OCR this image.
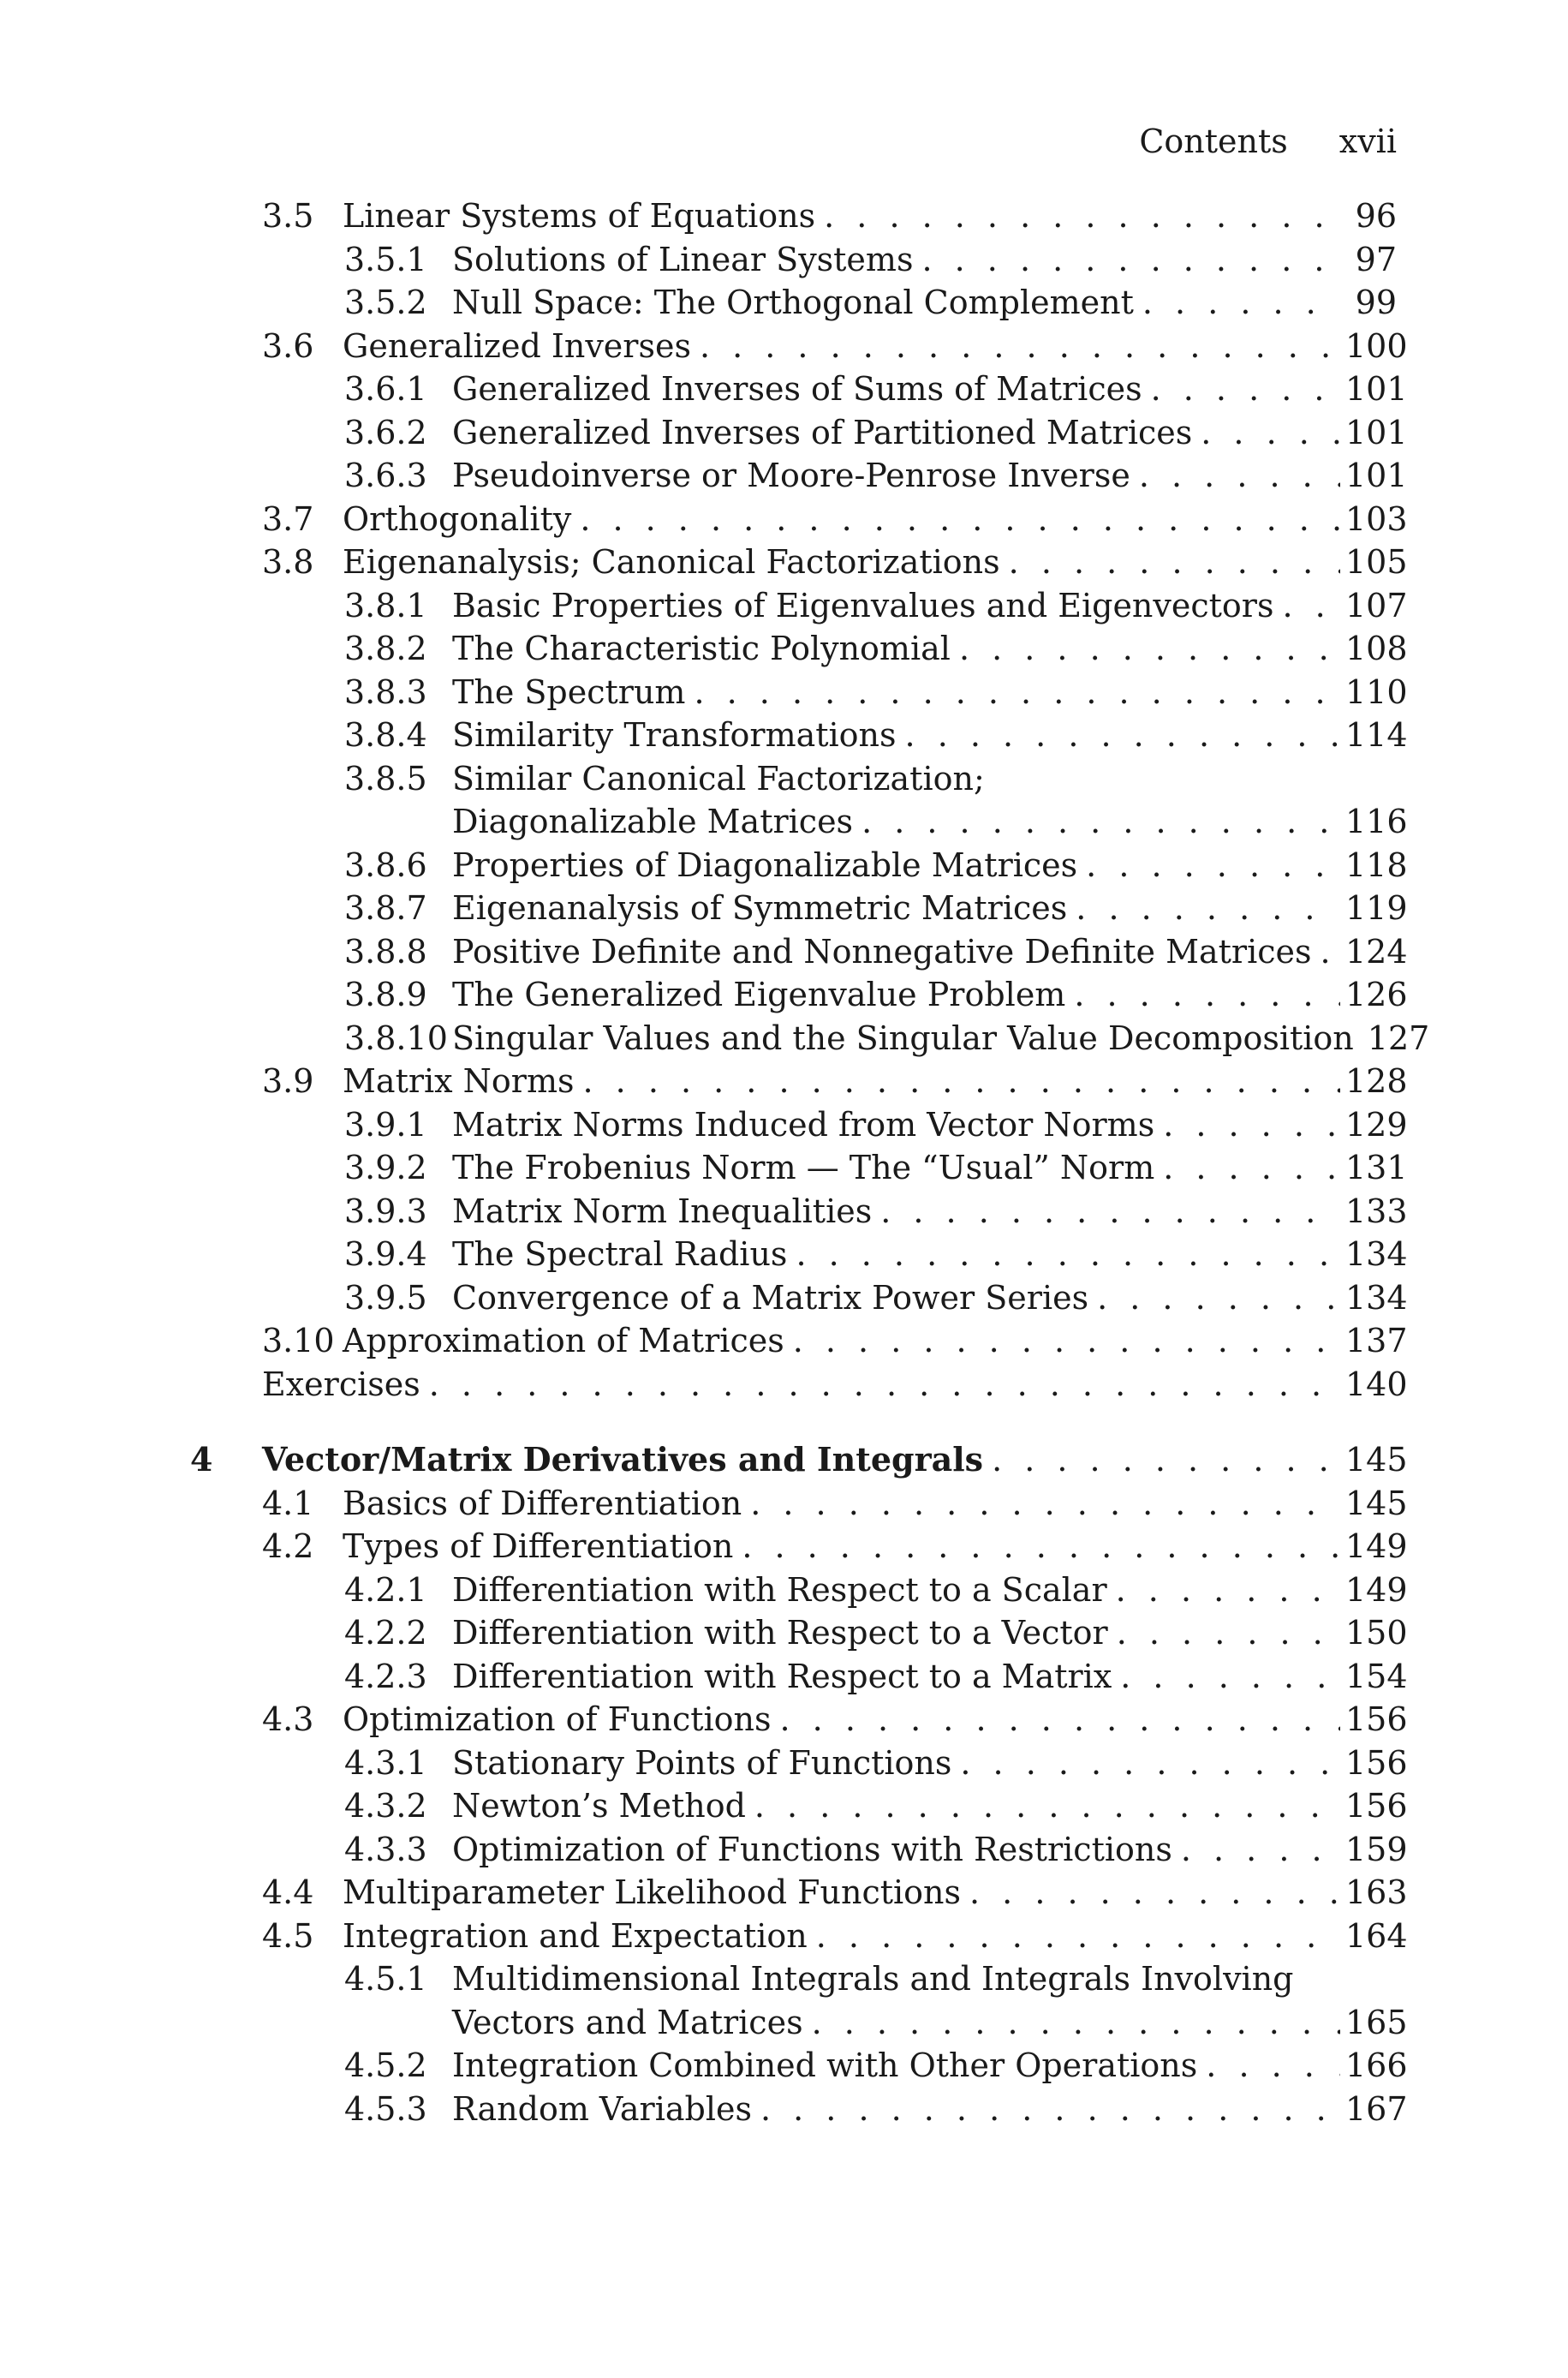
Contents xvii
3.5 Linear Systems of Equations . . .	96
3.5.1 Solutions of Linear Systems . . .	97
3.5.2 Null Space: The Orthogonal Complement . . .	99
3.6 Generalized Inverses . . .	100
3.6.1 Generalized Inverses of Sums of Matrices . . .	101
3.6.2 Generalized Inverses of Partitioned Matrices . . .	101
3.6.3 Pseudoinverse or Moore-Penrose Inverse . . .	101
3.7 Orthogonality . . .	103
3.8 Eigenanalysis; Canonical Factorizations . . .	105
3.8.1 Basic Properties of Eigenvalues and Eigenvectors . . . 107
3.8.2 The Characteristic Polynomial . . .	108
3.8.3 The Spectrum . . .	110
3.8.4 Similarity Transformations . . .	114
3.8.5 Similar Canonical Factorization;
Diagonalizable Matrices . . .	116
3.8.6 Properties of Diagonalizable Matrices . . .	118
3.8.7 Eigenanalysis of Symmetric Matrices . . .	119
3.8.8 Positive Definite and Nonnegative Definite Matrices . . . 124
3.8.9 The Generalized Eigenvalue Problem . . .	126
3.8.10 Singular Values and the Singular Value Decomposition 127
3.9 Matrix Norms . . .	128
3.9.1 Matrix Norms Induced from Vector Norms . . .	129
3.9.2 The Frobenius Norm — The “Usual” Norm . . .	131
3.9.3 Matrix Norm Inequalities . . .	133
3.9.4 The Spectral Radius . . .	134
3.9.5 Convergence of a Matrix Power Series . . .	134
3.10 Approximation of Matrices . . .	137
Exercises . . .	140
4 Vector/Matrix Derivatives and Integrals . . .	145
4.1 Basics of Differentiation . . .	145
4.2 Types of Differentiation . . .	149
4.2.1 Differentiation with Respect to a Scalar . . .	149
4.2.2 Differentiation with Respect to a Vector . . .	150
4.2.3 Differentiation with Respect to a Matrix . . .	154
4.3 Optimization of Functions . . .	156
4.3.1 Stationary Points of Functions . . .	156
4.3.2 Newton’s Method . . .	156
4.3.3 Optimization of Functions with Restrictions . . .	159
4.4 Multiparameter Likelihood Functions . . .	163
4.5 Integration and Expectation . . .	164
4.5.1 Multidimensional Integrals and Integrals Involving
Vectors and Matrices . . .	165
4.5.2 Integration Combined with Other Operations . . .	166
4.5.3 Random Variables . . .	167
